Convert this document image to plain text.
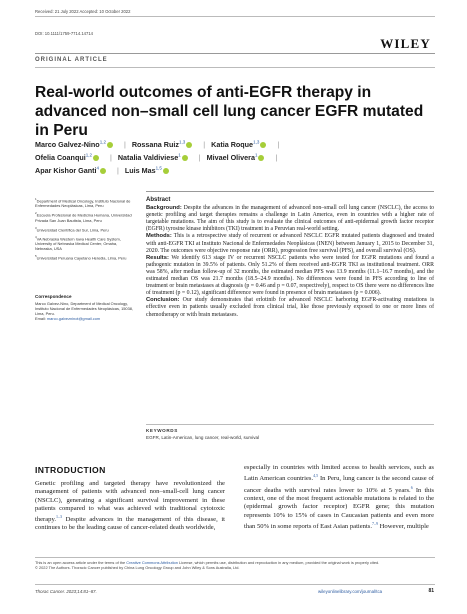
Received: 21 July 2022 Accepted: 10 October 2022
DOI: 10.1111/1759-7714.14714
WILEY
ORIGINAL ARTICLE
Real-world outcomes of anti-EGFR therapy in advanced non–small cell lung cancer EGFR mutated in Peru
Marco Galvez-Nino$^{1,2}$	| Rossana Ruiz$^{1,3}$	| Katia Roque$^{1,3}$	|
Ofelia Coanqui$^{1,2}$	| Natalia Valdiviese$^1$	| Mivael Olivera$^1$	|
Apar Kishor Ganti$^4$	| Luis Mas$^{1,5}$
$^1$Department of Medical Oncology, Instituto Nacional de Enfermedades Neoplásicas, Lima, Peru
$^2$Escuela Profesional de Medicina Humana, Universidad Privada San Juan Bautista, Lima, Peru
$^3$Universidad Científica del Sur, Lima, Peru
$^4$VA Nebraska Western Iowa Health Care System, University of Nebraska Medical Center, Omaha, Nebraska, USA
$^5$Universidad Peruana Cayetano Heredia, Lima, Peru
Correspondence
Marco Galvez-Nino, Department of Medical Oncology, Instituto Nacional de Enfermedades Neoplásicas, 15038, Lima, Peru.
Email: marco.galvezninot@gmail.com
Abstract
Background: Despite the advances in the management of advanced non–small cell lung cancer (NSCLC), the access to genetic profiling and target therapies remains a challenge in Latin America, even in countries with a higher rate of targetable mutations. The aim of this study is to evaluate the clinical outcomes of anti-epidermal growth factor receptor (EGFR) tyrosine kinase inhibitors (TKI) treatment in a Peruvian real-world setting.
Methods: This is a retrospective study of recurrent or advanced NSCLC EGFR mutated patients diagnosed and treated with anti-EGFR TKI at Instituto Nacional de Enfermedades Neoplásicas (INEN) between January 1, 2015 to December 31, 2020. The outcomes were objective response rate (ORR), progression free survival (PFS), and overall survival (OS).
Results: We identify 613 stage IV or recurrent NSCLC patients who were tested for EGFR mutations and found a pathogenic mutation in 39.5% of patients. Only 51.2% of them received anti-EGFR TKI as institutional treatment. ORR was 58%, after median follow-up of 32 months, the estimated median PFS was 13.9 months (11.1–16.7 months), and the estimated median OS was 21.7 months (18.5–24.9 months). No differences were found in PFS according to line of treatment or brain metastases at diagnosis (p = 0.46 and p = 0.07, respectively), respect to OS there were no differences line of treatment (p = 0.12), significant difference were found in presence of brain metastases (p = 0.006).
Conclusion: Our study demonstrates that erlotinib for advanced NSCLC harboring EGFR-activating mutations is effective even in patients usually excluded from clinical trial, like those previously exposed to one or more lines of chemotherapy or with brain metastases.
KEYWORDS
EGFR, Latin-American, lung cancer, real-world, survival
INTRODUCTION
Genetic profiling and targeted therapy have revolutionized the management of patients with advanced non–small-cell lung cancer (NSCLC), generating a significant survival improvement in these patients compared to what was achieved with traditional cytotoxic therapy.$^{1-3}$ Despite advances in the management of this disease, it continues to be the leading cause of cancer-related death worldwide,
especially in countries with limited access to health services, such as Latin American countries.$^{4,5}$ In Peru, lung cancer is the second cause of cancer deaths with survival rates lower to 10% at 5 years.$^6$ In this context, one of the most frequent actionable mutations is related to the (epidermal growth factor receptor) EGFR gene; this mutation represents 10% to 15% of cases in Caucasian patients and even more than 50% in some reports of East Asian patients.$^{7-9}$ However, multiple
This is an open access article under the terms of the Creative Commons Attribution License, which permits use, distribution and reproduction in any medium, provided the original work is properly cited.
© 2022 The Authors. Thoracic Cancer published by China Lung Oncology Group and John Wiley & Sons Australia, Ltd.
Thorac Cancer. 2023;14:81–87.	wileyonlinelibrary.com/journal/tca	81
